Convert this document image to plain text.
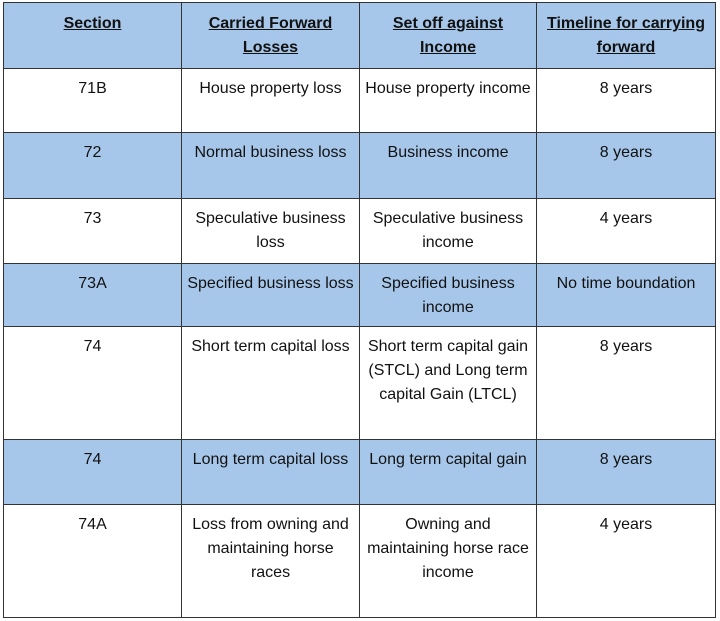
Section	Carried Forward Losses	Set off against Income	Timeline for carrying forward
71B	House property loss	House property income	8 years
72	Normal business loss	Business income	8 years
73	Speculative business loss	Speculative business income	4 years
73A	Specified business loss	Specified business income	No time boundation
74	Short term capital loss	Short term capital gain (STCL) and Long term capital Gain (LTCL)	8 years
74	Long term capital loss	Long term capital gain	8 years
74A	Loss from owning and maintaining horse races	Owning and maintaining horse race income	4 years
